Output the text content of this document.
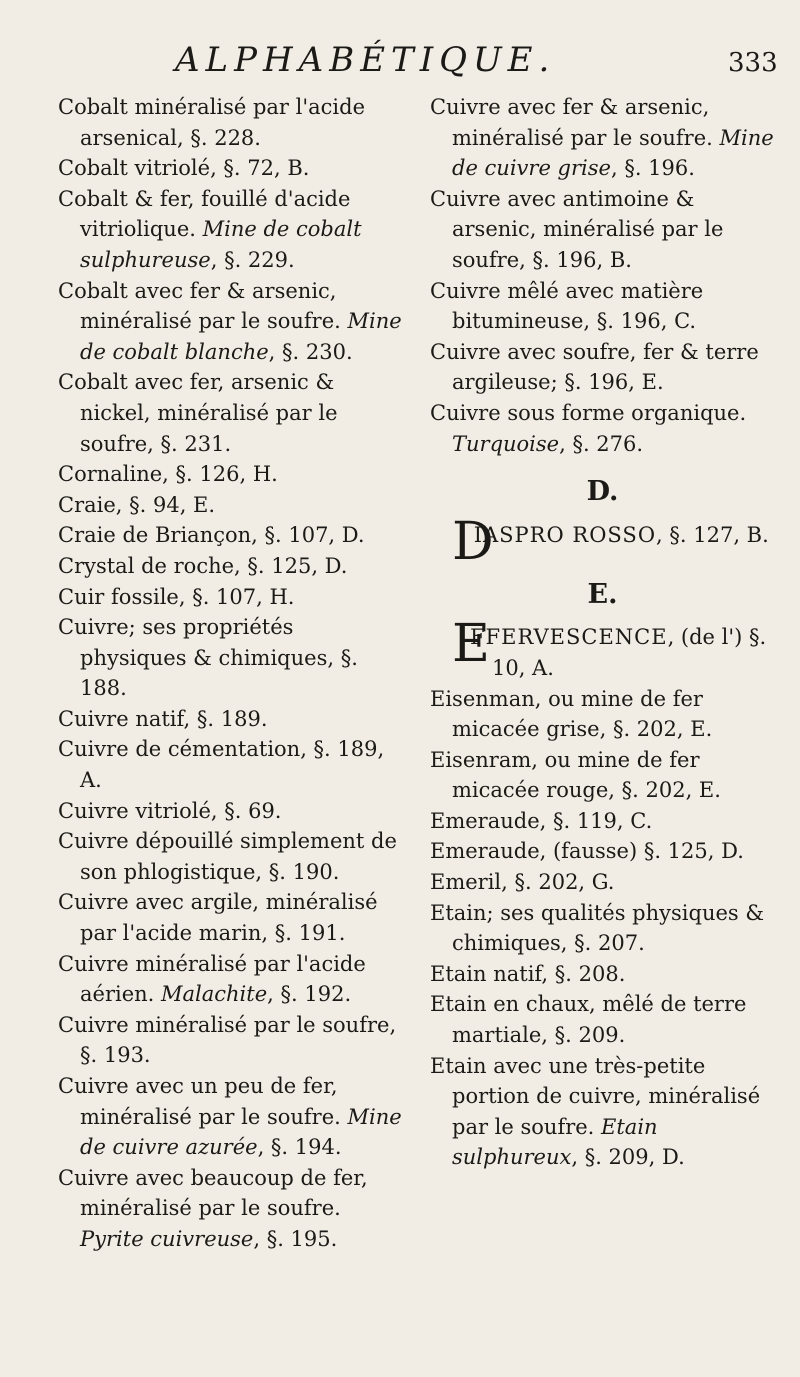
ALPHABÉTIQUE.	333
Cobalt minéralisé par l'acide arsenical, §. 228.
Cobalt vitriolé, §. 72, B.
Cobalt & fer, fouillé d'acide vitriolique. Mine de cobalt sulphureuse, §. 229.
Cobalt avec fer & arsenic, minéralisé par le soufre. Mine de cobalt blanche, §. 230.
Cobalt avec fer, arsenic & nickel, minéralisé par le soufre, §. 231.
Cornaline, §. 126, H.
Craie, §. 94, E.
Craie de Briançon, §. 107, D.
Crystal de roche, §. 125, D.
Cuir fossile, §. 107, H.
Cuivre; ses propriétés physiques & chimiques, §. 188.
Cuivre natif, §. 189.
Cuivre de cémentation, §. 189, A.
Cuivre vitriolé, §. 69.
Cuivre dépouillé simplement de son phlogistique, §. 190.
Cuivre avec argile, minéralisé par l'acide marin, §. 191.
Cuivre minéralisé par l'acide aérien. Malachite, §. 192.
Cuivre minéralisé par le soufre, §. 193.
Cuivre avec un peu de fer, minéralisé par le soufre. Mine de cuivre azurée, §. 194.
Cuivre avec beaucoup de fer, minéralisé par le soufre. Pyrite cuivreuse, §. 195.
Cuivre avec fer & arsenic, minéralisé par le soufre. Mine de cuivre grise, §. 196.
Cuivre avec antimoine & arsenic, minéralisé par le soufre, §. 196, B.
Cuivre mêlé avec matière bitumineuse, §. 196, C.
Cuivre avec soufre, fer & terre argileuse; §. 196, E.
Cuivre sous forme organique. Turquoise, §. 276.
D.
D
IASPRO ROSSO, §. 127, B.
E.
E
FFERVESCENCE, (de l') §. 10, A.
Eisenman, ou mine de fer micacée grise, §. 202, E.
Eisenram, ou mine de fer micacée rouge, §. 202, E.
Emeraude, §. 119, C.
Emeraude, (fausse) §. 125, D.
Emeril, §. 202, G.
Etain; ses qualités physiques & chimiques, §. 207.
Etain natif, §. 208.
Etain en chaux, mêlé de terre martiale, §. 209.
Etain avec une très-petite portion de cuivre, minéralisé par le soufre. Etain sulphureux, §. 209, D.
